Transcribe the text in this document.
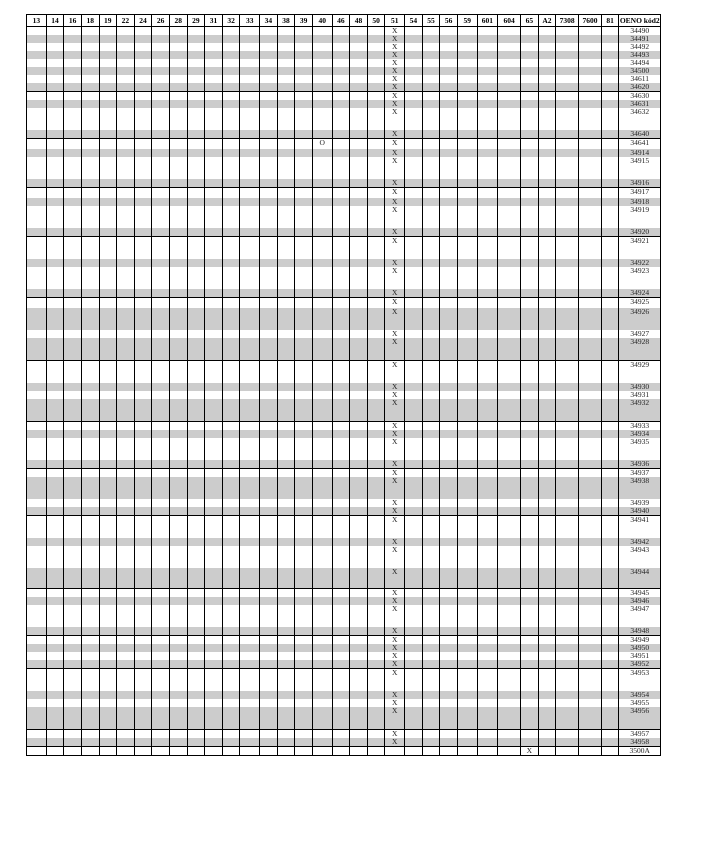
13	14	16	18	19	22	24	26	28	29	31	32	33	34	38	39	40	46	48	50	51	54	55	56	59	601	604	65	A2	7308	7600	81	OENO kód2
																				X												34490
																				X												34491
																				X												34492
																				X												34493
																				X												34494
																				X												34500
																				X												34611
																				X												34620
																				X												34630
																				X												34631
																				X												34632
																				X												34640
																O				X												34641
																				X												34914
																				X												34915
																				X												34916
																				X												34917
																				X												34918
																				X												34919
																				X												34920
																				X												34921
																				X												34922
																				X												34923
																				X												34924
																				X												34925
																				X												34926
																				X												34927
																				X												34928
																				X												34929
																				X												34930
																				X												34931
																				X												34932
																				X												34933
																				X												34934
																				X												34935
																				X												34936
																				X												34937
																				X												34938
																				X												34939
																				X												34940
																				X												34941
																				X												34942
																				X												34943
																				X												34944
																				X												34945
																				X												34946
																				X												34947
																				X												34948
																				X												34949
																				X												34950
																				X												34951
																				X												34952
																				X												34953
																				X												34954
																				X												34955
																				X												34956
																				X												34957
																				X												34958
																											X					3500A
